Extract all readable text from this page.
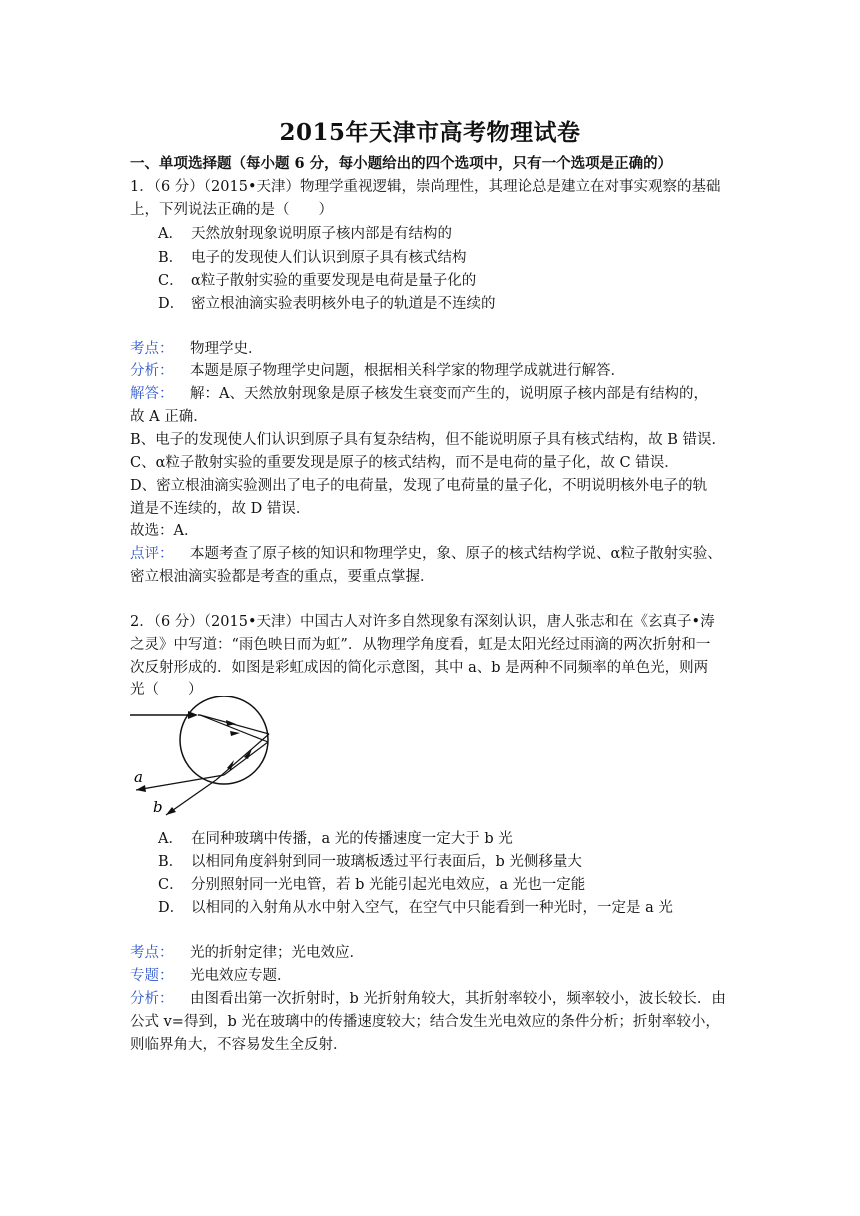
2015年天津市高考物理试卷
一、单项选择题（每小题 6 分，每小题给出的四个选项中，只有一个选项是正确的）
1．（6 分）（2015•天津）物理学重视逻辑，崇尚理性，其理论总是建立在对事实观察的基础
上，下列说法正确的是（　　）
A． 天然放射现象说明原子核内部是有结构的
B． 电子的发现使人们认识到原子具有核式结构
C． α粒子散射实验的重要发现是电荷是量子化的
D． 密立根油滴实验表明核外电子的轨道是不连续的
考点： 物理学史．
分析： 本题是原子物理学史问题，根据相关科学家的物理学成就进行解答．
解答： 解：A、天然放射现象是原子核发生衰变而产生的，说明原子核内部是有结构的，
故 A 正确．
B、电子的发现使人们认识到原子具有复杂结构，但不能说明原子具有核式结构，故 B 错误．
C、α粒子散射实验的重要发现是原子的核式结构，而不是电荷的量子化，故 C 错误．
D、密立根油滴实验测出了电子的电荷量，发现了电荷量的量子化，不明说明核外电子的轨
道是不连续的，故 D 错误．
故选：A．
点评： 本题考查了原子核的知识和物理学史，象、原子的核式结构学说、α粒子散射实验、
密立根油滴实验都是考查的重点，要重点掌握．
2．（6 分）（2015•天津）中国古人对许多自然现象有深刻认识，唐人张志和在《玄真子•涛
之灵》中写道：“雨色映日而为虹”．从物理学角度看，虹是太阳光经过雨滴的两次折射和一
次反射形成的．如图是彩虹成因的简化示意图，其中 a、b 是两种不同频率的单色光，则两
光（　　）
a
b
A． 在同种玻璃中传播，a 光的传播速度一定大于 b 光
B． 以相同角度斜射到同一玻璃板透过平行表面后，b 光侧移量大
C． 分别照射同一光电管，若 b 光能引起光电效应，a 光也一定能
D． 以相同的入射角从水中射入空气，在空气中只能看到一种光时，一定是 a 光
考点： 光的折射定律；光电效应．
专题： 光电效应专题．
分析： 由图看出第一次折射时，b 光折射角较大，其折射率较小，频率较小，波长较长．由
公式 v=得到，b 光在玻璃中的传播速度较大；结合发生光电效应的条件分析；折射率较小，
则临界角大，不容易发生全反射．
